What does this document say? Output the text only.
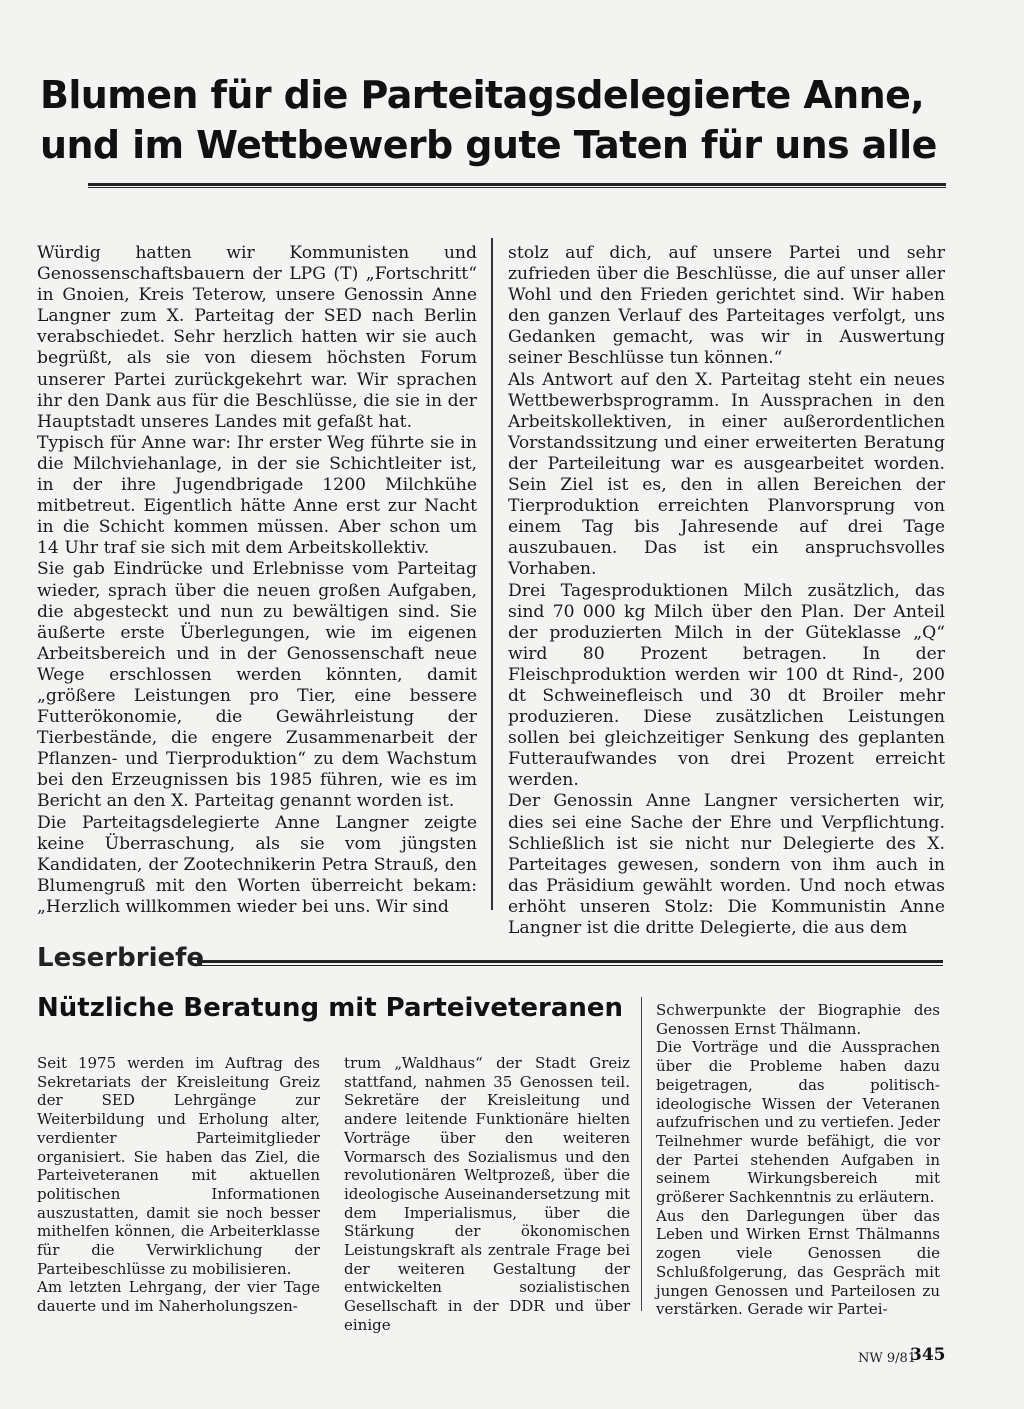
Blumen für die Parteitagsdelegierte Anne,
und im Wettbewerb gute Taten für uns alle

Würdig hatten wir Kommunisten und Genossenschaftsbauern der LPG (T) „Fortschritt“ in Gnoien, Kreis Teterow, unsere Genossin Anne Langner zum X. Parteitag der SED nach Berlin verabschiedet. Sehr herzlich hatten wir sie auch begrüßt, als sie von diesem höchsten Forum unserer Partei zurückgekehrt war. Wir sprachen ihr den Dank aus für die Beschlüsse, die sie in der Hauptstadt unseres Landes mit gefaßt hat.

Typisch für Anne war: Ihr erster Weg führte sie in die Milchviehanlage, in der sie Schichtleiter ist, in der ihre Jugendbrigade 1200 Milchkühe mitbetreut. Eigentlich hätte Anne erst zur Nacht in die Schicht kommen müssen. Aber schon um 14 Uhr traf sie sich mit dem Arbeitskollektiv.

Sie gab Eindrücke und Erlebnisse vom Parteitag wieder, sprach über die neuen großen Aufgaben, die abgesteckt und nun zu bewältigen sind. Sie äußerte erste Überlegungen, wie im eigenen Arbeitsbereich und in der Genossenschaft neue Wege erschlossen werden könnten, damit „größere Leistungen pro Tier, eine bessere Futterökonomie, die Gewährleistung der Tierbestände, die engere Zusammenarbeit der Pflanzen- und Tierproduktion“ zu dem Wachstum bei den Erzeugnissen bis 1985 führen, wie es im Bericht an den X. Parteitag genannt worden ist.

Die Parteitagsdelegierte Anne Langner zeigte keine Überraschung, als sie vom jüngsten Kandidaten, der Zootechnikerin Petra Strauß, den Blumengruß mit den Worten überreicht bekam: „Herzlich willkommen wieder bei uns. Wir sind

stolz auf dich, auf unsere Partei und sehr zufrieden über die Beschlüsse, die auf unser aller Wohl und den Frieden gerichtet sind. Wir haben den ganzen Verlauf des Parteitages verfolgt, uns Gedanken gemacht, was wir in Auswertung seiner Beschlüsse tun können.“

Als Antwort auf den X. Parteitag steht ein neues Wettbewerbsprogramm. In Aussprachen in den Arbeitskollektiven, in einer außerordentlichen Vorstandssitzung und einer erweiterten Beratung der Parteileitung war es ausgearbeitet worden. Sein Ziel ist es, den in allen Bereichen der Tierproduktion erreichten Planvorsprung von einem Tag bis Jahresende auf drei Tage auszubauen. Das ist ein anspruchsvolles Vorhaben.

Drei Tagesproduktionen Milch zusätzlich, das sind 70 000 kg Milch über den Plan. Der Anteil der produzierten Milch in der Güteklasse „Q“ wird 80 Prozent betragen. In der Fleischproduktion werden wir 100 dt Rind-, 200 dt Schweinefleisch und 30 dt Broiler mehr produzieren. Diese zusätzlichen Leistungen sollen bei gleichzeitiger Senkung des geplanten Futteraufwandes von drei Prozent erreicht werden.

Der Genossin Anne Langner versicherten wir, dies sei eine Sache der Ehre und Verpflichtung. Schließlich ist sie nicht nur Delegierte des X. Parteitages gewesen, sondern von ihm auch in das Präsidium gewählt worden. Und noch etwas erhöht unseren Stolz: Die Kommunistin Anne Langner ist die dritte Delegierte, die aus dem

Leserbriefe
Nützliche Beratung mit Parteiveteranen

Seit 1975 werden im Auftrag des Sekretariats der Kreisleitung Greiz der SED Lehrgänge zur Weiterbildung und Erholung alter, verdienter Parteimitglieder organisiert. Sie haben das Ziel, die Parteiveteranen mit aktuellen politischen Informationen auszustatten, damit sie noch besser mithelfen können, die Arbeiterklasse für die Verwirklichung der Parteibeschlüsse zu mobilisieren.

Am letzten Lehrgang, der vier Tage dauerte und im Naherholungszen-

trum „Waldhaus“ der Stadt Greiz stattfand, nahmen 35 Genossen teil. Sekretäre der Kreisleitung und andere leitende Funktionäre hielten Vorträge über den weiteren Vormarsch des Sozialismus und den revolutionären Weltprozeß, über die ideologische Auseinandersetzung mit dem Imperialismus, über die Stärkung der ökonomischen Leistungskraft als zentrale Frage bei der weiteren Gestaltung der entwickelten sozialistischen Gesellschaft in der DDR und über einige

Schwerpunkte der Biographie des Genossen Ernst Thälmann.

Die Vorträge und die Aussprachen über die Probleme haben dazu beigetragen, das politisch-ideologische Wissen der Veteranen aufzufrischen und zu vertiefen. Jeder Teilnehmer wurde befähigt, die vor der Partei stehenden Aufgaben in seinem Wirkungsbereich mit größerer Sachkenntnis zu erläutern.

Aus den Darlegungen über das Leben und Wirken Ernst Thälmanns zogen viele Genossen die Schlußfolgerung, das Gespräch mit jungen Genossen und Parteilosen zu verstärken. Gerade wir Partei-

NW 9/81

345
